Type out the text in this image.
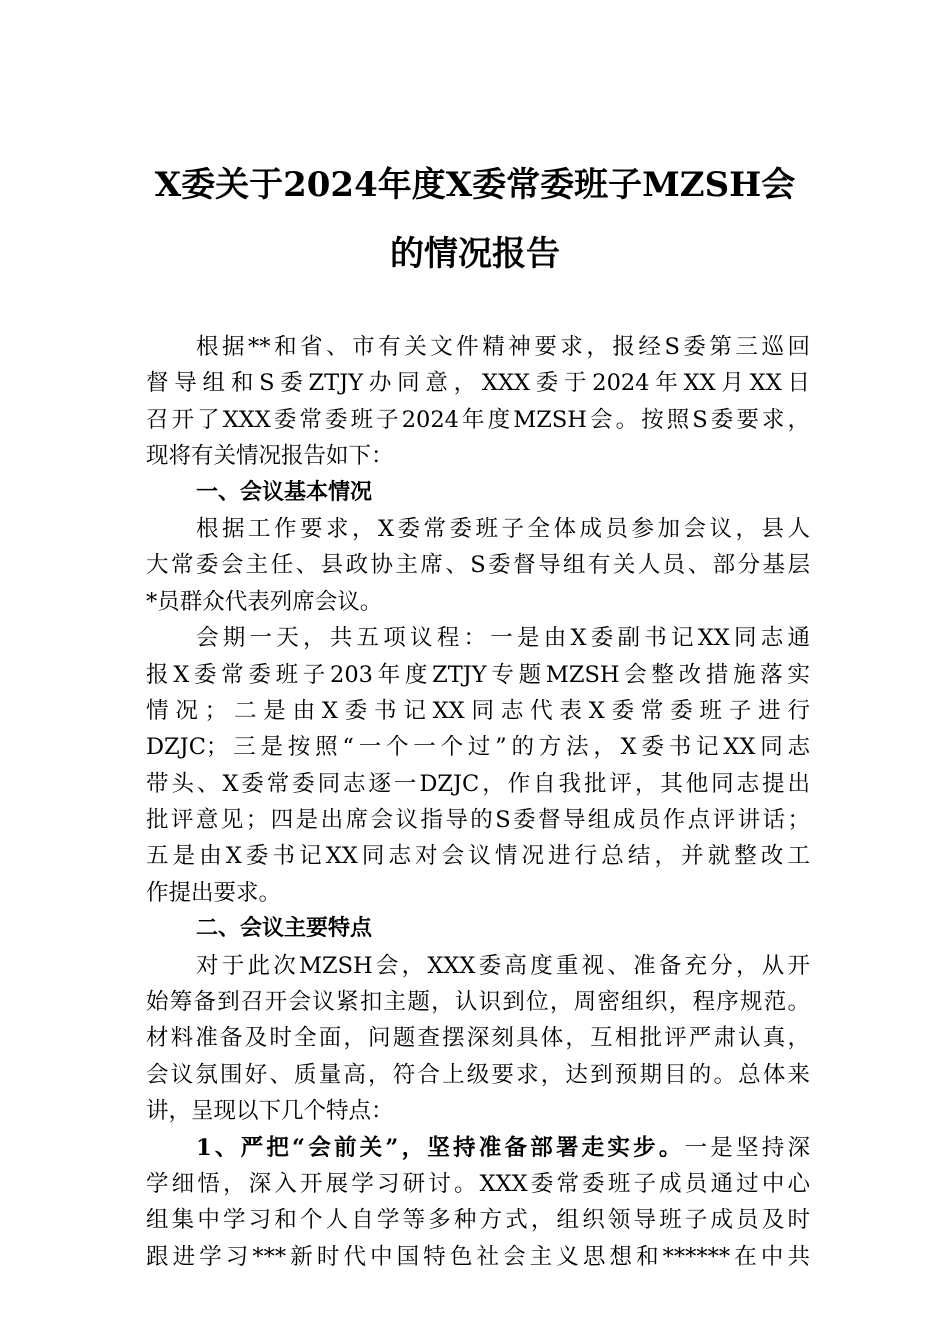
X委关于2024年度X委常委班子MZSH会
的情况报告
根据**和省、市有关文件精神要求，报经S委第三巡回
督导组和S委ZTJY办同意，XXX委于2024年XX月XX日
召开了XXX委常委班子2024年度MZSH会。按照S委要求，
现将有关情况报告如下：
一、会议基本情况
根据工作要求，X委常委班子全体成员参加会议，县人
大常委会主任、县政协主席、S委督导组有关人员、部分基层
*员群众代表列席会议。
会期一天，共五项议程：一是由X委副书记XX同志通
报X委常委班子203年度ZTJY专题MZSH会整改措施落实
情况；二是由X委书记XX同志代表X委常委班子进行
DZJC；三是按照“一个一个过”的方法，X委书记XX同志
带头、X委常委同志逐一DZJC，作自我批评，其他同志提出
批评意见；四是出席会议指导的S委督导组成员作点评讲话；
五是由X委书记XX同志对会议情况进行总结，并就整改工
作提出要求。
二、会议主要特点
对于此次MZSH会，XXX委高度重视、准备充分，从开
始筹备到召开会议紧扣主题，认识到位，周密组织，程序规范。
材料准备及时全面，问题查摆深刻具体，互相批评严肃认真，
会议氛围好、质量高，符合上级要求，达到预期目的。总体来
讲，呈现以下几个特点：
1、严把“会前关”，坚持准备部署走实步。一是坚持深
学细悟，深入开展学习研讨。XXX委常委班子成员通过中心
组集中学习和个人自学等多种方式，组织领导班子成员及时
跟进学习***新时代中国特色社会主义思想和******在中共
